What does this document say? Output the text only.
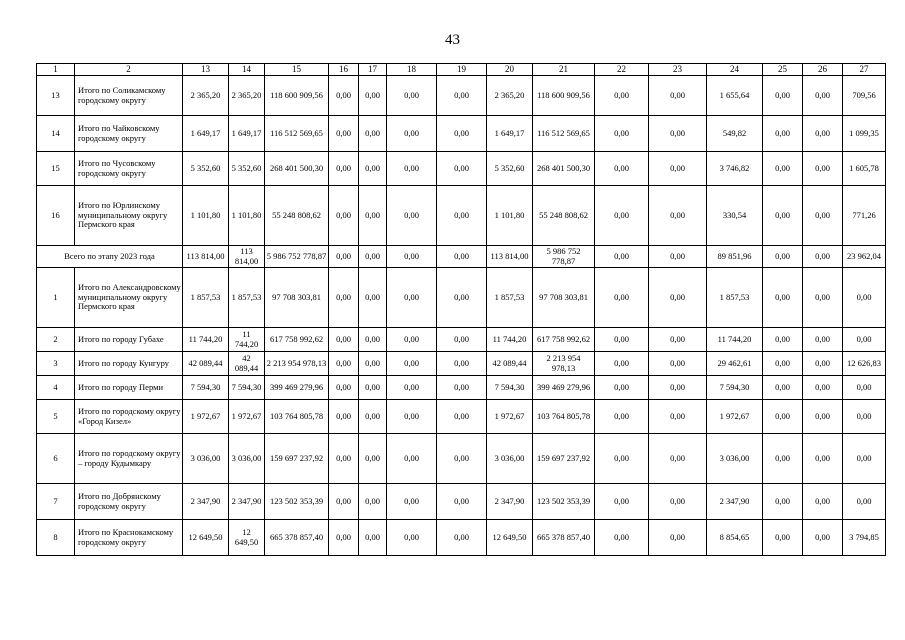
43
1	2	13	14	15	16	17	18	19	20	21	22	23	24	25	26	27
13	Итого по Соликамскому городскому округу	2 365,20	2 365,20	118 600 909,56	0,00	0,00	0,00	0,00	2 365,20	118 600 909,56	0,00	0,00	1 655,64	0,00	0,00	709,56
14	Итого по Чайковскому городскому округу	1 649,17	1 649,17	116 512 569,65	0,00	0,00	0,00	0,00	1 649,17	116 512 569,65	0,00	0,00	549,82	0,00	0,00	1 099,35
15	Итого по Чусовскому городскому округу	5 352,60	5 352,60	268 401 500,30	0,00	0,00	0,00	0,00	5 352,60	268 401 500,30	0,00	0,00	3 746,82	0,00	0,00	1 605,78
16	Итого по Юрлинскому муниципальному округу Пермского края	1 101,80	1 101,80	55 248 808,62	0,00	0,00	0,00	0,00	1 101,80	55 248 808,62	0,00	0,00	330,54	0,00	0,00	771,26
Всего по этапу 2023 года		113 814,00	113 814,00	5 986 752 778,87	0,00	0,00	0,00	0,00	113 814,00	5 986 752 778,87	0,00	0,00	89 851,96	0,00	0,00	23 962,04
1	Итого по Александровскому муниципальному округу Пермского края	1 857,53	1 857,53	97 708 303,81	0,00	0,00	0,00	0,00	1 857,53	97 708 303,81	0,00	0,00	1 857,53	0,00	0,00	0,00
2	Итого по городу Губахе	11 744,20	11 744,20	617 758 992,62	0,00	0,00	0,00	0,00	11 744,20	617 758 992,62	0,00	0,00	11 744,20	0,00	0,00	0,00
3	Итого по городу Кунгуру	42 089,44	42 089,44	2 213 954 978,13	0,00	0,00	0,00	0,00	42 089,44	2 213 954 978,13	0,00	0,00	29 462,61	0,00	0,00	12 626,83
4	Итого по городу Перми	7 594,30	7 594,30	399 469 279,96	0,00	0,00	0,00	0,00	7 594,30	399 469 279,96	0,00	0,00	7 594,30	0,00	0,00	0,00
5	Итого по городскому округу «Город Кизел»	1 972,67	1 972,67	103 764 805,78	0,00	0,00	0,00	0,00	1 972,67	103 764 805,78	0,00	0,00	1 972,67	0,00	0,00	0,00
6	Итого по городскому округу – городу Кудымкару	3 036,00	3 036,00	159 697 237,92	0,00	0,00	0,00	0,00	3 036,00	159 697 237,92	0,00	0,00	3 036,00	0,00	0,00	0,00
7	Итого по Добрянскому городскому округу	2 347,90	2 347,90	123 502 353,39	0,00	0,00	0,00	0,00	2 347,90	123 502 353,39	0,00	0,00	2 347,90	0,00	0,00	0,00
8	Итого по Краснокамскому городскому округу	12 649,50	12 649,50	665 378 857,40	0,00	0,00	0,00	0,00	12 649,50	665 378 857,40	0,00	0,00	8 854,65	0,00	0,00	3 794,85
